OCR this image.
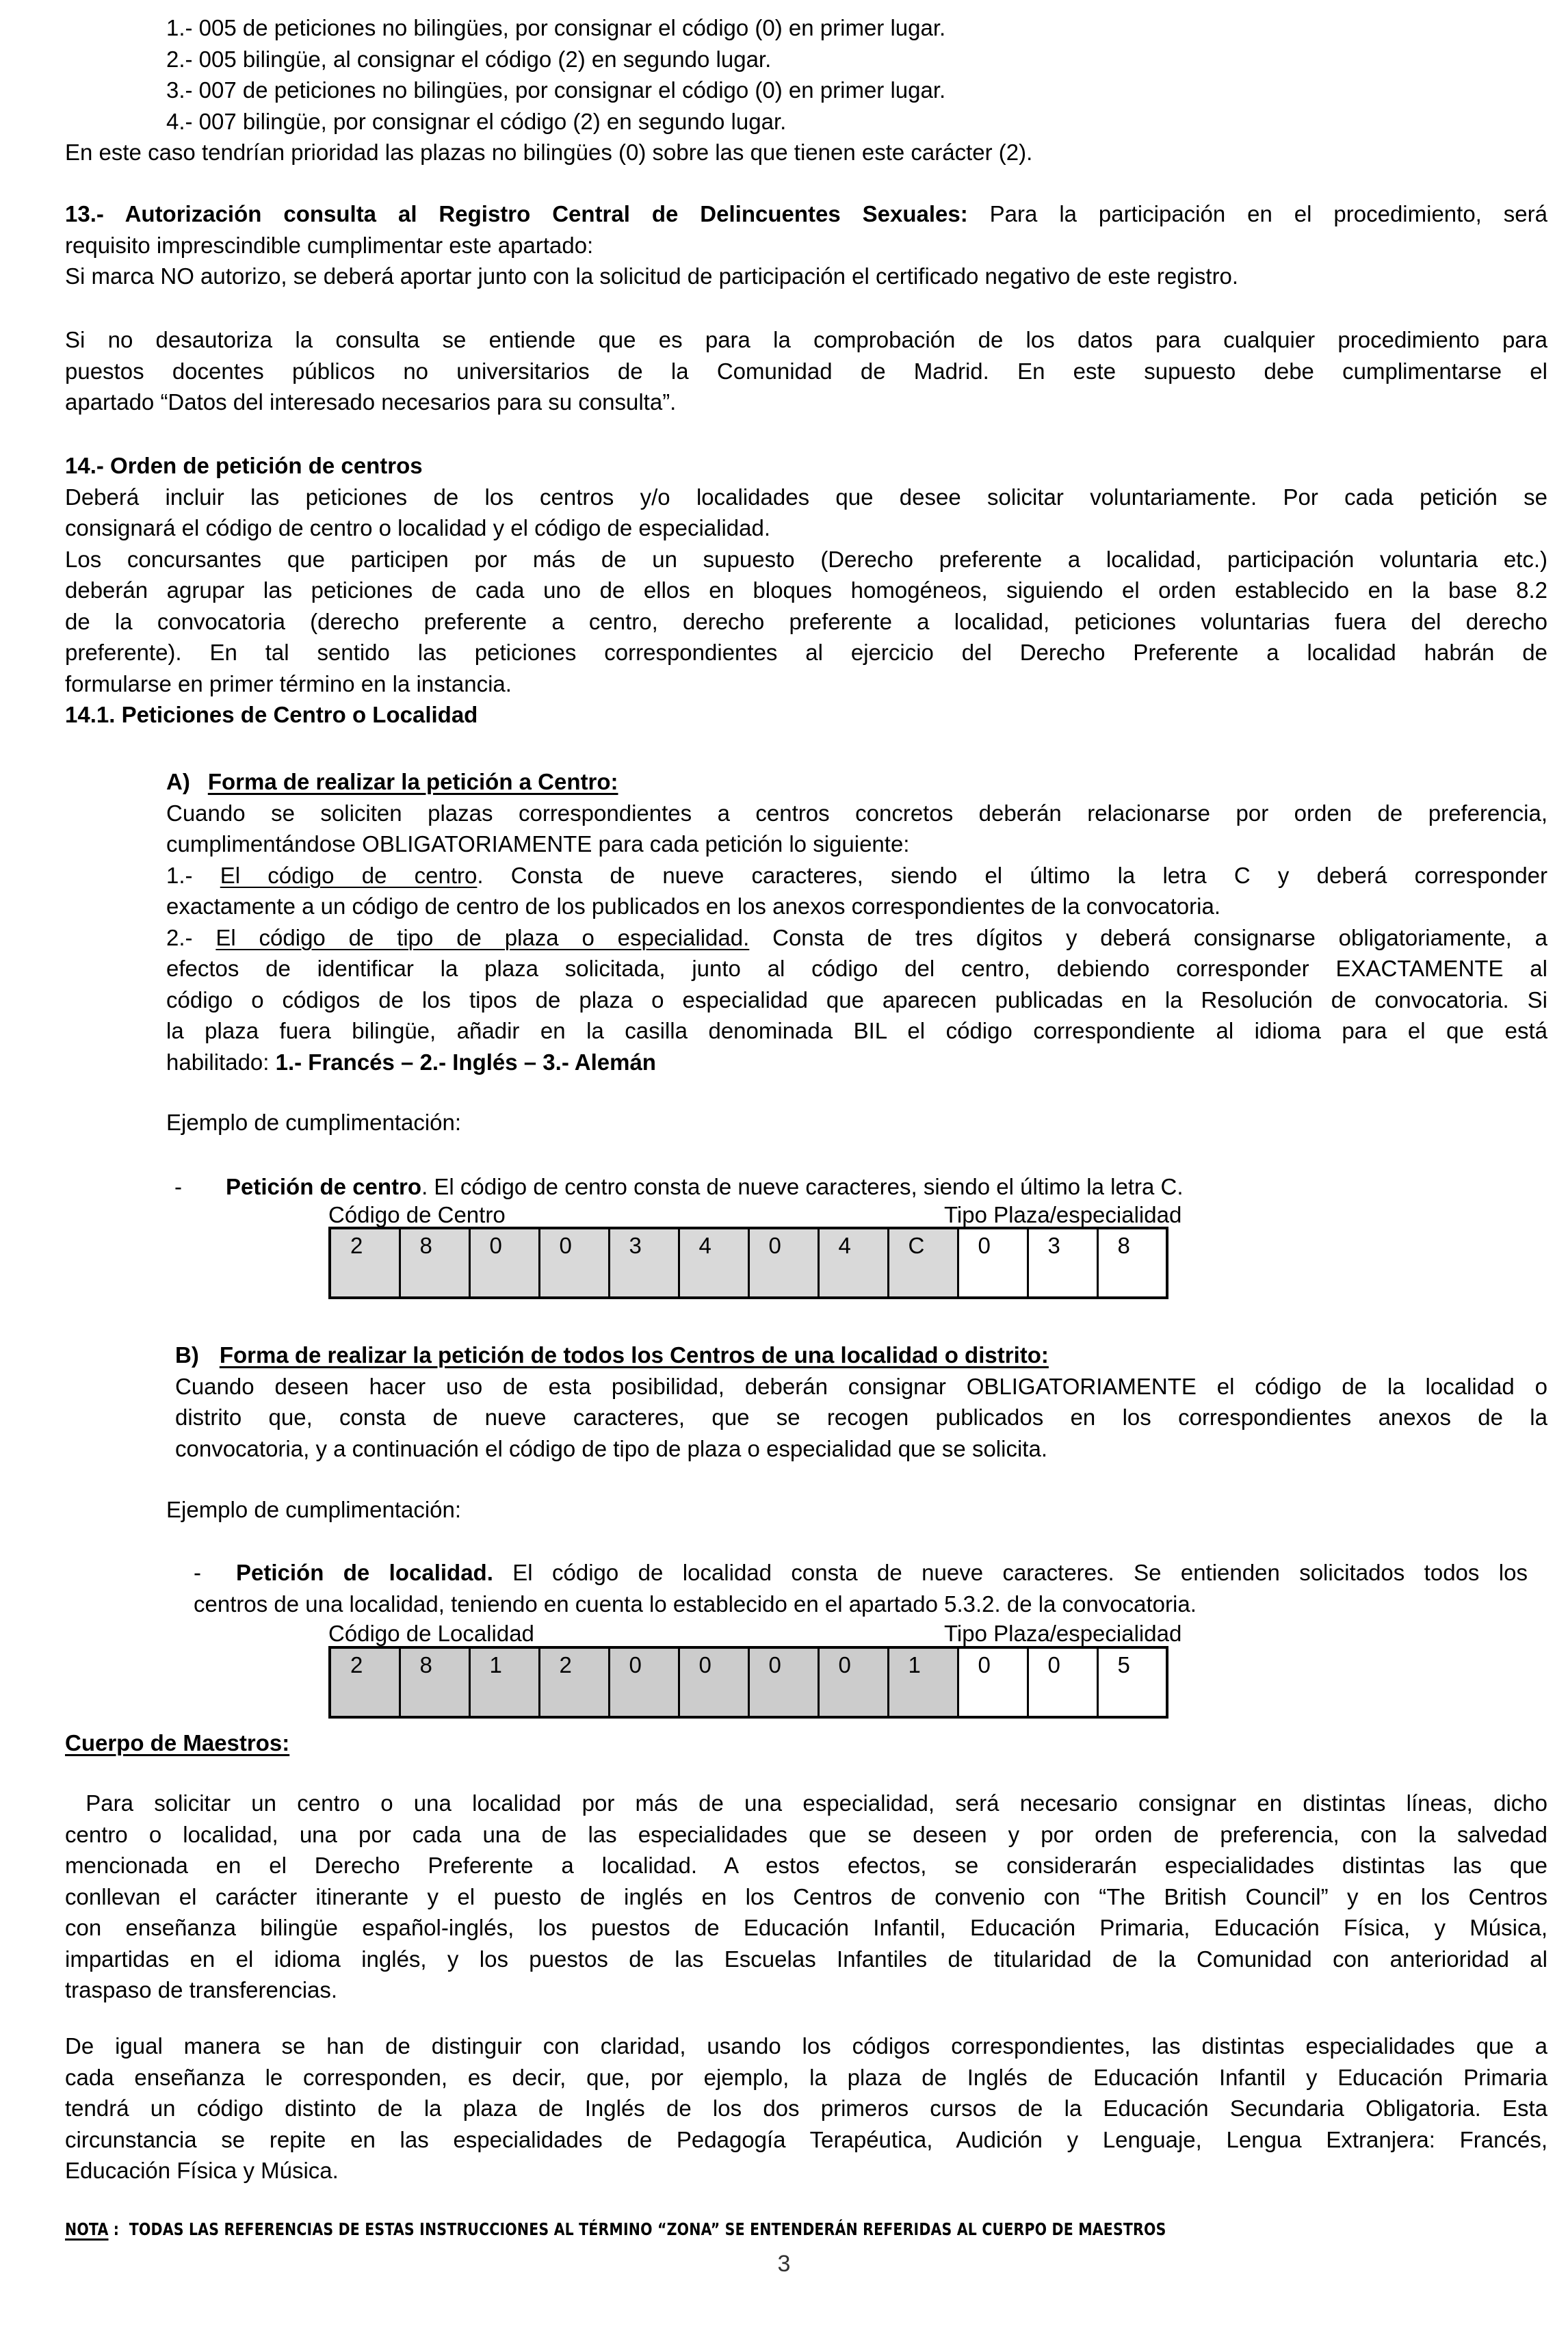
1.- 005 de peticiones no bilingües, por consignar el código (0) en primer lugar.
2.- 005 bilingüe, al consignar el código (2) en segundo lugar.
3.- 007 de peticiones no bilingües, por consignar el código (0) en primer lugar.
4.- 007 bilingüe, por consignar el código (2) en segundo lugar.
En este caso tendrían prioridad las plazas no bilingües (0) sobre las que tienen este carácter (2).
13.- Autorización consulta al Registro Central de Delincuentes Sexuales: Para la participación en el procedimiento, será
requisito imprescindible cumplimentar este apartado:
Si marca NO autorizo, se deberá aportar junto con la solicitud de participación el certificado negativo de este registro.
Si no desautoriza la consulta se entiende que es para la comprobación de los datos para cualquier procedimiento para
puestos docentes públicos no universitarios de la Comunidad de Madrid. En este supuesto debe cumplimentarse el
apartado “Datos del interesado necesarios para su consulta”.
14.- Orden de petición de centros
Deberá incluir las peticiones de los centros y/o localidades que desee solicitar voluntariamente. Por cada petición se
consignará el código de centro o localidad y el código de especialidad.
Los concursantes que participen por más de un supuesto (Derecho preferente a localidad, participación voluntaria etc.)
deberán agrupar las peticiones de cada uno de ellos en bloques homogéneos, siguiendo el orden establecido en la base 8.2
de la convocatoria (derecho preferente a centro, derecho preferente a localidad, peticiones voluntarias fuera del derecho
preferente). En tal sentido las peticiones correspondientes al ejercicio del Derecho Preferente a localidad habrán de
formularse en primer término en la instancia.
14.1. Peticiones de Centro o Localidad
A) Forma de realizar la petición a Centro:
Cuando se soliciten plazas correspondientes a centros concretos deberán relacionarse por orden de preferencia,
cumplimentándose OBLIGATORIAMENTE para cada petición lo siguiente:
1.- El código de centro. Consta de nueve caracteres, siendo el último la letra C y deberá corresponder
exactamente a un código de centro de los publicados en los anexos correspondientes de la convocatoria.
2.- El código de tipo de plaza o especialidad. Consta de tres dígitos y deberá consignarse obligatoriamente, a
efectos de identificar la plaza solicitada, junto al código del centro, debiendo corresponder EXACTAMENTE al
código o códigos de los tipos de plaza o especialidad que aparecen publicadas en la Resolución de convocatoria. Si
la plaza fuera bilingüe, añadir en la casilla denominada BIL el código correspondiente al idioma para el que está
habilitado: 1.- Francés – 2.- Inglés – 3.- Alemán
Ejemplo de cumplimentación:
- Petición de centro. El código de centro consta de nueve caracteres, siendo el último la letra C.
Código de Centro	Tipo Plaza/especialidad
2	8	0	0	3	4	0	4	C	0	3	8
B) Forma de realizar la petición de todos los Centros de una localidad o distrito:
Cuando deseen hacer uso de esta posibilidad, deberán consignar OBLIGATORIAMENTE el código de la localidad o
distrito que, consta de nueve caracteres, que se recogen publicados en los correspondientes anexos de la
convocatoria, y a continuación el código de tipo de plaza o especialidad que se solicita.
Ejemplo de cumplimentación:
- Petición de localidad. El código de localidad consta de nueve caracteres. Se entienden solicitados todos los
centros de una localidad, teniendo en cuenta lo establecido en el apartado 5.3.2. de la convocatoria.
Código de Localidad	Tipo Plaza/especialidad
2	8	1	2	0	0	0	0	1	0	0	5
Cuerpo de Maestros:
Para solicitar un centro o una localidad por más de una especialidad, será necesario consignar en distintas líneas, dicho
centro o localidad, una por cada una de las especialidades que se deseen y por orden de preferencia, con la salvedad
mencionada en el Derecho Preferente a localidad. A estos efectos, se considerarán especialidades distintas las que
conllevan el carácter itinerante y el puesto de inglés en los Centros de convenio con “The British Council” y en los Centros
con enseñanza bilingüe español-inglés, los puestos de Educación Infantil, Educación Primaria, Educación Física, y Música,
impartidas en el idioma inglés, y los puestos de las Escuelas Infantiles de titularidad de la Comunidad con anterioridad al
traspaso de transferencias.
De igual manera se han de distinguir con claridad, usando los códigos correspondientes, las distintas especialidades que a
cada enseñanza le corresponden, es decir, que, por ejemplo, la plaza de Inglés de Educación Infantil y Educación Primaria
tendrá un código distinto de la plaza de Inglés de los dos primeros cursos de la Educación Secundaria Obligatoria. Esta
circunstancia se repite en las especialidades de Pedagogía Terapéutica, Audición y Lenguaje, Lengua Extranjera: Francés,
Educación Física y Música.
NOTA :  TODAS LAS REFERENCIAS DE ESTAS INSTRUCCIONES AL TÉRMINO “ZONA” SE ENTENDERÁN REFERIDAS AL CUERPO DE MAESTROS
3
